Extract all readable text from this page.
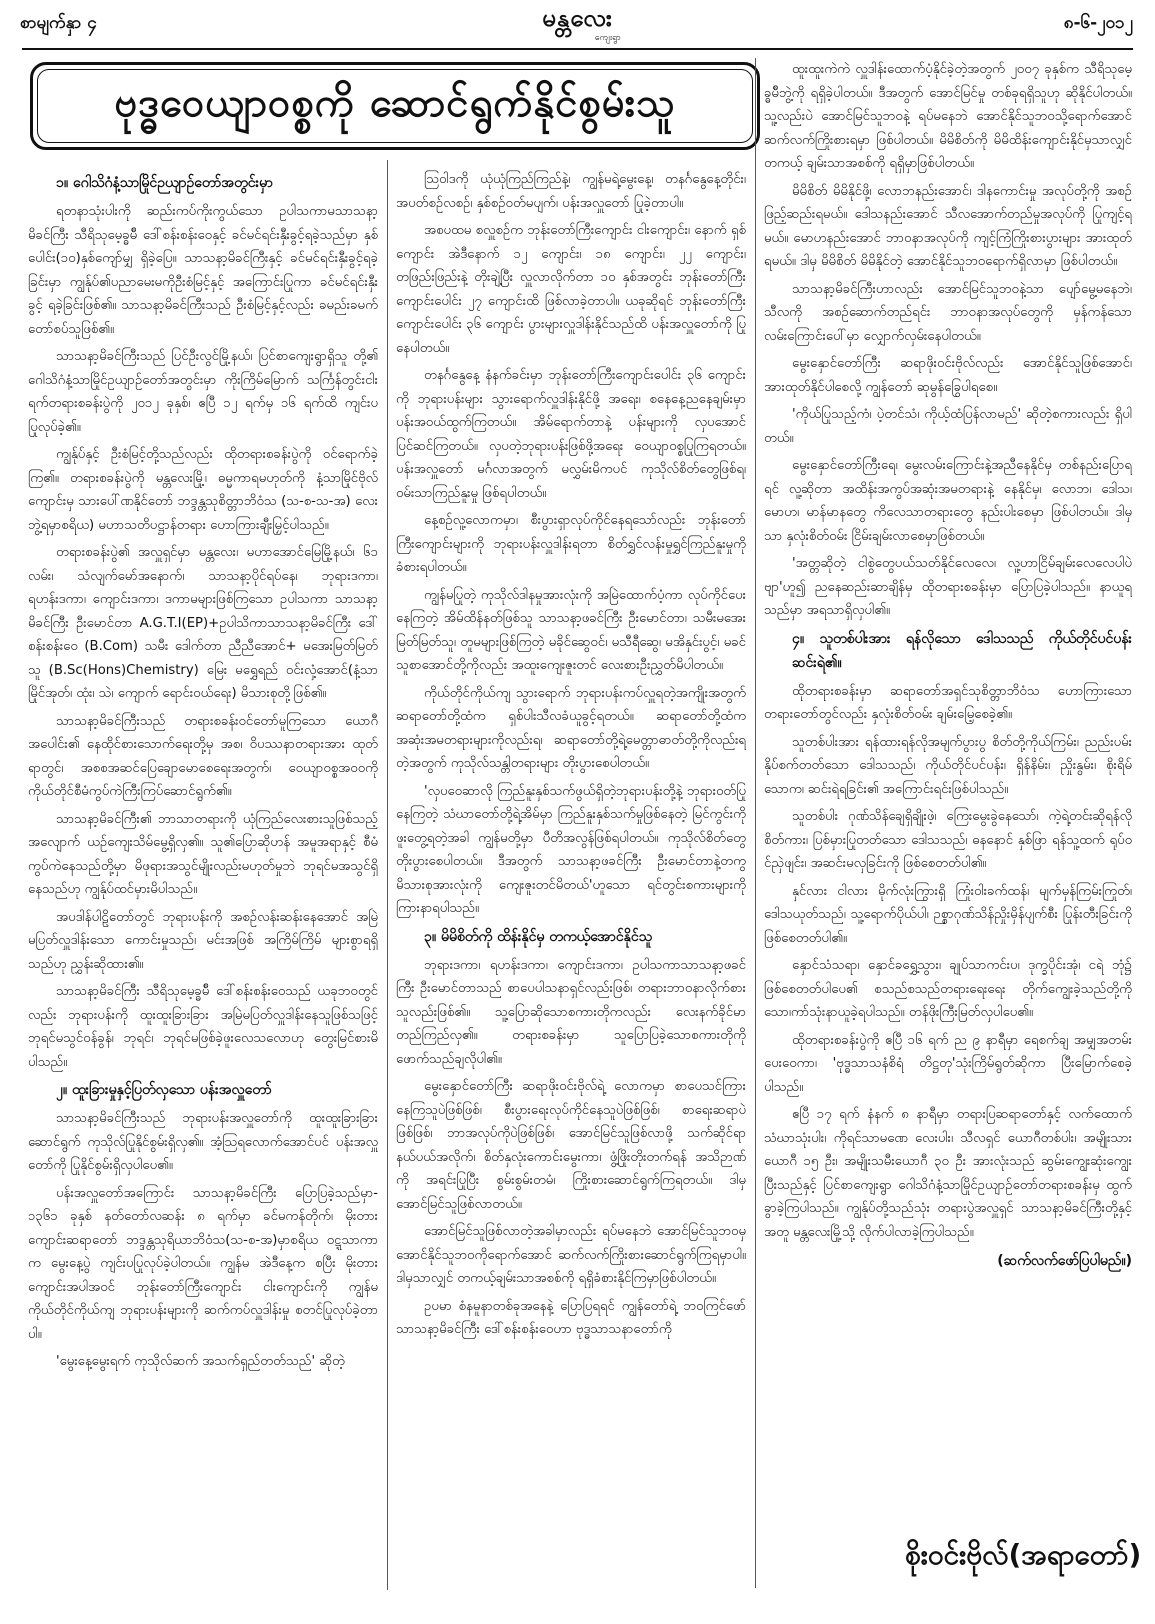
စာမျက်နှာ ၄	မန္တလေး
ကျေးရွာ
၈-၆-၂၀၁၂
ဗုဒ္ဓဝေယျာဝစ္စကို ဆောင်ရွက်နိုင်စွမ်းသူ
၁။ ဂေါသိဂံနံ့သာမြိုင်ဉယျာဉ်တော်အတွင်းမှာ

ရတနာသုံးပါးကို ဆည်းကပ်ကိုးကွယ်သော ဥပါသကာမသာသနာ့ မိခင်ကြီး သီရိသုမေ့ခ္ဓမ်ီ ဒေါ်စန်းစန်းဝေနှင့် ခင်မင်ရင်းနှီးခွင့်ရခဲ့သည်မှာ နှစ်ပေါင်း(၁၀)နှစ်ကျော်မျှ ရှိခဲ့ပြေ။ သာသနာ့မိခင်ကြီးနှင့် ခင်မင်ရင်းနှီးခွင့်ရခဲ့ခြင်းမှာ ကျွန်ုပ်၏ပညာမေးမကိုဦးစံမြင့်နှင့် အကြောင်းပြုကာ ခင်မင်ရင်းနှီးခွင့် ရခဲ့ခြင်းဖြစ်၏။ သာသနာ့မိခင်ကြီးသည် ဦးစံမြင့်နှင့်လည်း ခမည်းခမက်တော်စပ်သူဖြစ်၏။

သာသနာ့မိခင်ကြီးသည် ပြင်ဦးလွင်မြို့နယ်၊ ပြင်စာကျေးရွာရှိသူ တို့၏ ဂေါသိဂံနံ့သာမြိုင်ဥယျာဉ်တော်အတွင်းမှာ ကိုးကြိမ်မြောက် သင်္ကြန်တွင်းငါးရက်တရားစခန်းပွဲကို ၂၀၁၂ ခုနှစ်၊ ဧပြီ ၁၂ ရက်မှ ၁၆ ရက်ထိ ကျင်းပပြုလုပ်ခဲ့၏။

ကျွန်ုပ်နှင့် ဦးစံမြင့်တို့သည်လည်း ထိုတရားစခန်းပွဲကို ဝင်ရောက်ခဲ့ကြ၏။ တရားစခန်းပွဲကို မန္တလေးမြို့၊ ဓမ္မကာရမဟုတ်ကို နံ့သာမြိုင်ဗိုလ်ကျောင်းမှ သားပေါ်ဏနိုင်တော် ဘဒ္ဒန္တသုစိတ္တာဘိဝံသ (သ-စ-သ-အ) လေးဘွဲ့ရမှာစရိယ) မဟာသတိပဋ္ဌာန်တရား ဟောကြားချီးမြှင့်ပါသည်။

တရားစခန်းပွဲ၏ အလှူရှင်မှာ မန္တလေး၊ မဟာအောင်မြေမြို့နယ်၊ ၆၁ လမ်း၊ သံလျက်မော်အနောက်၊ သာသနာ့ပိုင်ရပ်နေ၊ ဘုရားဒကာ၊ ရဟန်းဒကာ၊ ကျောင်းဒကာ၊ ဒကာမများဖြစ်ကြသော ဥပါသကာ သာသနာ့မိခင်ကြီး ဦးမောင်တာ A.G.T.I(EP)+ဥပါသိကာသာသနာ့မိခင်ကြီး ဒေါ်စန်းစန်းဝေ (B.Com) သမီး ဒေါက်တာ ညီညီအောင်+ မအေးမြတ်မြတ်သူ (B.Sc(Hons)Chemistry) မြေး မရွှေရည် ဝင်းလှံ့အောင်(နံ့သာမြိုင်အုတ်၊ ထုံး၊ သဲ၊ ကျောက် ရောင်းဝယ်ရေး) မိသားစုတို့ဖြစ်၏။

သာသနာ့မိခင်ကြီးသည် တရားစခန်းဝင်တော်မူကြသော ယောဂီ အပေါင်း၏ နေထိုင်စားသောက်ရေးတို့မှ အစ၊ ဝိပဿနာတရားအား ထုတ်ရာတွင်၊ အစစအဆင်ပြေချောမောစေရေးအတွက်၊ ဝေယျာဝစ္စအဝဝကို ကိုယ်တိုင်စီမံကွပ်ကဲကြီးကြပ်ဆောင်ရွက်၏။

သာသနာ့မိခင်ကြီး၏ ဘာသာတရားကို ယုံကြည်လေးစားသူဖြစ်သည့်အလျောက် ယဉ်ကျေးသိမ်မွေ့ရှိလှ၏။ သူ၏ပြောဆိုဟန် အမူအရာနှင့် စီမံကွပ်ကဲနေသည်တို့မှာ မိဖုရားအသွင်မျိုးလည်းမဟုတ်မှုဘဲ ဘုရင်မအသွင်ရှိနေသည်ဟု ကျွန်ုပ်ထင်မှားမိပါသည်။

အပဒါန်ပါဠိတော်တွင် ဘုရားပန်းကို အစဉ်လန်းဆန်းနေအောင် အမြဲမပြတ်လှူဒါန်းသော ကောင်းမှုသည်၊ မင်းအဖြစ် အကြိမ်ကြိမ် များစွာရရှိသည်ဟု ညွှန်းဆိုထား၏။

သာသနာ့မိခင်ကြီး သီရိသုမေ့ခ္ဓမ်ီ ဒေါ်စန်းစန်းဝေသည် ယခုဘဝတွင်လည်း ဘုရားပန်းကို ထူးထူးခြားခြား အမြဲမပြတ်လှူဒါန်းနေသူဖြစ်သဖြင့် ဘုရင်မသွင်ဝန်ခွန်၊ ဘုရင်၊ ဘုရင်မဖြစ်ခဲ့ဖူးလေသလောဟု တွေးမြင်စားမိပါသည်။

၂။ ထူးခြားမှုနှင့်ပြတ်လှသော ပန်းအလှူတော်

သာသနာ့မိခင်ကြီးသည် ဘုရားပန်းအလှူတော်ကို ထူးထူးခြားခြား ဆောင်ရွက် ကုသိုလ်ပြုနိုင်စွမ်းရှိလှ၏။ အံ့ဩရလောက်အောင်ပင် ပန်းအလှူတော်ကို ပြုနိုင်စွမ်းရှိလှပါပေ၏။

ပန်းအလှူတော်အကြောင်း သာသနာ့မိခင်ကြီး ပြောပြခဲ့သည်မှာ- ၁၃၆၁ ခုနှစ် နတ်တော်လဆန်း ၈ ရက်မှာ ခင်မကန်တိုက်၊ မိုးတားကျောင်းဆရာတော် ဘဒ္ဒန္တသုရိယာဘိဝံသ(သ-စ-အ)မှာစရိယ ဝဋ္ဋသာကာက မွေးနေ့ပွဲ ကျင်းပပြုလုပ်ခဲ့ပါတယ်။ ကျွန်မ အဲဒီနေ့က စပြီး မိုးတားကျောင်းအပါအဝင် ဘုန်းတော်ကြီးကျောင်း ငါးကျောင်းကို ကျွန်မကိုယ်တိုင်ကိုယ်ကျ ဘုရားပန်းများကို ဆက်ကပ်လှူဒါန်းမှု စတင်ပြုလုပ်ခဲ့တာပါ။

'မွေးနေ့မွေးရက် ကုသိုလ်ဆက် အသက်ရှည်တတ်သည်' ဆိုတဲ့

သြဝါဒကို ယုံယုံကြည်ကြည်နဲ့၊ ကျွန်မရဲ့မွေးနေ့၊ တနင်္ဂနွေနေ့တိုင်း၊ အပတ်စဉ်လစဉ်၊ နှစ်စဉ်ဝတ်မပျက်၊ ပန်းအလှူတော် ပြုခဲ့တာပါ။

အစပထမ စလှူစဉ်က ဘုန်းတော်ကြီးကျောင်း ငါးကျောင်း၊ နောက် ရှစ်ကျောင်း အဲဒီနောက် ၁၂ ကျောင်း၊ ၁၈ ကျောင်း၊ ၂၂ ကျောင်း၊ တဖြည်းဖြည်းနဲ့ တိုးချဲ့ပြီး လှူလာလိုက်တာ ၁၀ နှစ်အတွင်း ဘုန်းတော်ကြီးကျောင်းပေါင်း ၂၇ ကျောင်းထိ ဖြစ်လာခဲ့တာပါ။ ယခုဆိုရင် ဘုန်းတော်ကြီးကျောင်းပေါင်း ၃၆ ကျောင်း ပွားများလှူဒါန်းနိုင်သည်ထိ ပန်းအလှူတော်ကို ပြုနေပါတယ်။

တနင်္ဂနွေနေ့ နံနက်ခင်းမှာ ဘုန်းတော်ကြီးကျောင်းပေါင်း ၃၆ ကျောင်းကို ဘုရားပန်းများ သွားရောက်လှူဒါန်းနိုင်ဖို့ အရေး၊ စနေနေ့ညနေချမ်းမှာ ပန်းအဝယ်ထွက်ကြတယ်။ အိမ်ရောက်တာနဲ့ ပန်းများကို လှပအောင် ပြင်ဆင်ကြတယ်။ လှပတဲ့ဘုရားပန်းဖြစ်ဖို့အရေး ဝေယျာဝစ္စပြုကြရတယ်။ ပန်းအလှူတော် မင်္ဂလာအတွက် မလွှမ်းမိကပင် ကုသိုလ်စိတ်တွေဖြစ်ရ၊ ဝမ်းသာကြည်နူးမှု ဖြစ်ရပါတယ်။

နေ့စဉ်လူ့လောကမှာ၊ စီးပွားရှာလုပ်ကိုင်နေရသော်လည်း ဘုန်းတော်ကြီးကျောင်းများကို ဘုရားပန်းလှူဒါန်းရတာ စိတ်ရွှင်လန်းမှုရွှင်ကြည်နူးမှုကို ခံစားရပါတယ်။

ကျွန်မပြုတဲ့ ကုသိုလ်ဒါနမှုအားလုံးကို အမြဲထောက်ပံ့ကာ လုပ်ကိုင်ပေးနေကြတဲ့ အိမ်ထိန်နတ်ဖြစ်သူ သာသနာ့ဖခင်ကြီး ဦးမောင်တာ၊ သမီးမအေးမြတ်မြတ်သူ၊ တူမများဖြစ်ကြတဲ့ မခိုင်ဆွေဝင်၊ မသီရီဆွေ၊ မအိနှင်းပွင့်၊ မခင်သူစာအောင်တို့ကိုလည်း အထူးကျေးဇူးတင် လေးစားဦးညွှတ်မိပါတယ်။

ကိုယ်တိုင်ကိုယ်ကျ သွားရောက် ဘုရားပန်းကပ်လှူရတဲ့အကျိုးအတွက် ဆရာတော်တို့ထံက ရှစ်ပါးသီလခံယူခွင့်ရတယ်။ ဆရာတော်တို့ထံက အဆုံးအမတရားများကိုလည်းရ၊ ဆရာတော်တို့ရဲ့မေတ္တာဓာတ်တို့ကိုလည်းရတဲ့အတွက် ကုသိုလ်သန္တါတရားများ တိုးပွားစေပါတယ်။

'လှပဝေဆာလို ကြည်နူးနှစ်သက်ဖွယ်ရှိတဲ့ဘုရားပန်းတို့နဲ့ ဘုရားဝတ်ပြုနေကြတဲ့ သံဃာတော်တို့ရဲ့အိမ်မှာ ကြည်နူးနှစ်သက်မှုဖြစ်နေတဲ့ မြင်ကွင်းကို ဖူးတွေ့ရတဲ့အခါ ကျွန်မတို့မှာ ပီတိအလွန်ဖြစ်ရပါတယ်။ ကုသိုလ်စိတ်တွေ တိုးပွားစေပါတယ်။ ဒီအတွက် သာသနာ့ဖခင်ကြီး ဦးမောင်တာနဲ့တကွ မိသားစုအားလုံးကို ကျေးဇူးတင်မိတယ်'ဟူသော ရင်တွင်းစကားများကို ကြားနာရပါသည်။

၃။ မိမိစိတ်ကို ထိန်းနိုင်မှ တကယ့်အောင်နိုင်သူ

ဘုရားဒကာ၊ ရဟန်းဒကာ၊ ကျောင်းဒကာ၊ ဥပါသကာသာသနာ့ဖခင်ကြီး ဦးမောင်တာသည် စာပေပါသနာရှင်လည်းဖြစ်၊ တရားဘာဝနာလိုက်စားသူလည်းဖြစ်၏။ သူ့ပြောဆိုသောစကားတိုကလည်း လေးနက်ခိုင်မာတည်ကြည်လှ၏။ တရားစခန်းမှာ သူပြောပြခဲ့သောစကားတိုကို ဖောက်သည်ချလိုပါ၏။

မွေးနှောင်တော်ကြီး ဆရာဖိုးဝင်းဗိုလ်ရဲ့ လောကမှာ စာပေသင်ကြား နေကြသူပဲဖြစ်ဖြစ်၊ စီးပွားရေးလုပ်ကိုင်နေသူပဲဖြစ်ဖြစ်၊ စာရေးဆရာပဲဖြစ်ဖြစ်၊ ဘာအလုပ်ကိုပဲဖြစ်ဖြစ်၊ အောင်မြင်သူဖြစ်လာဖို့ သက်ဆိုင်ရာ နယ်ပယ်အလိုက်၊ စိတ်နှလုံးကောင်းမွေးကာ၊ ဖွံ့ဖြိုးတိုးတက်ရန် အသိဉာဏ်ကို အရင်းပြုပြီး စွမ်းစွမ်းတမံ၊ ကြိုးစားဆောင်ရွက်ကြရတယ်။ ဒါမှ အောင်မြင်သူဖြစ်လာတယ်။

အောင်မြင်သူဖြစ်လာတဲ့အခါမှာလည်း ရပ်မနေဘဲ အောင်မြင်သူဘဝမှ အောင်နိုင်သူဘဝကိုရောက်အောင် ဆက်လက်ကြိုးစားဆောင်ရွက်ကြရမှာပါ။ ဒါမှသာလျှင် တကယ့်ချမ်းသာအစစ်ကို ရရှိခံစားနိုင်ကြမှာဖြစ်ပါတယ်။

ဥပမာ စံနမူနာတစ်ခုအနေနဲ့ ပြောပြရရင် ကျွန်တော်ရဲ့ ဘဝကြင်ဖော် သာသနာ့မိခင်ကြီး ဒေါ်စန်းစန်းဝေဟာ ဗုဒ္ဓသာသနာတော်ကို

ထူးထူးကဲကဲ လှူဒါန်းထောက်ပံ့နိုင်ခဲ့တဲ့အတွက် ၂၀၀၇ ခုနှစ်က သီရိသုမေ့ခ္ဓမ်ီဘွဲ့ကို ရရှိခဲ့ပါတယ်။ ဒီအတွက် အောင်မြင်မှု တစ်ခုရရှိသူဟု ဆိုနိုင်ပါတယ်။ သူ့လည်းပဲ အောင်မြင်သူဘဝနဲ့ ရပ်မနေဘဲ အောင်နိုင်သူဘဝသို့ရောက်အောင် ဆက်လက်ကြိုးစားရမှာ ဖြစ်ပါတယ်။ မိမိစိတ်ကို မိမိထိန်းကျောင်းနိုင်မှသာလျှင် တကယ့် ချမ်းသာအစစ်ကို ရရှိမှာဖြစ်ပါတယ်။

မိမိစိတ် မိမိနိုင်ဖို့၊ လောဘနည်းအောင်၊ ဒါနကောင်းမှု အလုပ်တို့ကို အစဉ်ဖြည့်ဆည်းရမယ်။ ဒေါသနည်းအောင် သီလအောက်တည်မှုအလုပ်ကို ပြုကျင့်ရမယ်။ မောဟနည်းအောင် ဘာဝနာအလုပ်ကို ကျင့်ကြံကြိုးစားပွားများ အားထုတ်ရမယ်။ ဒါမှ မိမိစိတ် မိမိနိုင်တဲ့ အောင်နိုင်သူဘဝရောက်ရှိလာမှာ ဖြစ်ပါတယ်။

သာသနာ့မိခင်ကြီးဟာလည်း အောင်မြင်သူဘဝနဲ့သာ ပျော်မွေ့မနေဘဲ၊ သီလကို အစဉ်ဆောက်တည်ရင်း ဘာဝနာအလုပ်တွေကို မှန်ကန်သောလမ်းကြောင်းပေါ်မှာ လျှောက်လှမ်းနေပါတယ်။

မွေးနှောင်တော်ကြီး ဆရာဖိုးဝင်းဗိုလ်လည်း အောင်နိုင်သူဖြစ်အောင်၊ အားထုတ်နိုင်ပါစေလို့ ကျွန်တော် ဆုမွန်ခြွေပါရစေ။

'ကိုယ်ပြုသည့်ကံ၊ ပဲ့တင်သံ၊ ကိုယ့်ထံပြန်လာမည်' ဆိုတဲ့စကားလည်း ရှိပါတယ်။

မွေးနှောင်တော်ကြီးရေ၊ မွေးလမ်းကြောင်းနဲ့အညီနေနိုင်မှ တစ်နည်းပြောရရင် လူ့ဆိုတာ အထိန်းအကွပ်အဆုံးအမတရားနဲ့ နေနိုင်မှ၊ လောဘ၊ ဒေါသ၊ မောဟ၊ မာန်မာနတွေ ကိလေသာတရားတွေ နည်းပါးစေမှာ ဖြစ်ပါတယ်။ ဒါမှသာ နှလုံးစိတ်ဝမ်း ငြိမ်းချမ်းလာစေမှာဖြစ်တယ်။

'အတ္တဆိုတဲ့ ငါစွဲတွေပယ်သတ်နိုင်လေလေ၊ လူ့ဟာငြိမ်ချမ်းလေလေပါပဲဗျာ'ဟူ၍ ညနေဆည်းဆာချိန်မှ ထိုတရားစခန်းမှာ ပြောပြခဲ့ပါသည်။ နာယူရသည်မှာ အရသာရှိလှပါ၏။

၄။ သူတစ်ပါးအား ရန်လိုသော ဒေါသသည် ကိုယ်တိုင်ပင်ပန်းဆင်းရဲ၏။

ထိုတရားစခန်းမှာ ဆရာတော်အရှင်သုစိတ္တာဘိဝံသ ဟောကြားသော တရားတော်တွင်လည်း နှလုံးစိတ်ဝမ်း ချမ်းမြေ့စေခဲ့၏။

သူတစ်ပါးအား ရန်ထားရန်လိုအမျက်ပွားပွ စိတ်တို့ကိုယ်ကြမ်း၊ ညည်းပမ်းနိုပ်စက်တတ်သော ဒေါသသည်၊ ကိုယ်တိုင်ပင်ပန်း၊ ရှိန်နိမ်း၊ ညှိုးနွမ်း၊ စိုးရိမ်သောက၊ ဆင်းရဲရခြင်း၏ အကြောင်းရင်းဖြစ်ပါသည်။

သူတစ်ပါး ဂုဏ်သိန်ချေရှိချိုးဖဲ့၊ ကြေးမွေးခွဲနေသော်၊ ကဲ့ရဲ့တင်းဆိုရန်လိုစိတ်ကား၊ ပြစ်မှားပြုတတ်သော ဒေါသသည်၊ ဓနနောင် နှစ်ဖြာ ရန်သူ့ထက် ရုပ်ဝင်ညှဲဖျင်း၊ အဆင်းမလှခြင်းကို ဖြစ်စေတတ်ပါ၏။

နှင်လား ငါလား မိုက်လုံးကြွားရှိ ကြုံးဝါးခက်ထန်၊ မျက်မှန်ကြမ်းကြုတ်၊ ဒေါသယုတ်သည်၊ သူ့ရောက်ပိုယ်ပါ၊ ဉစ္စာဂုဏ်သိန်ညှိုးမှိန်ပျက်စီး ပြုန်းတီးခြင်းကို ဖြစ်စေတတ်ပါ၏။

နှောင်သံသရာ၊ နှောင်ခရွှေ့သွား၊ ချုပ်သာကင်းပ၊ ဒုက္ခပိုင်းအုံ၊ ငရဲ ဘုံ၌ ဖြစ်စေတတ်ပါပေ၏ စသည်စသည်တရားရေးရေး တိုက်ကျွေးခဲ့သည်တို့ကို သော၊ကာ်သုံးနာယူခဲ့ရပါသည်။ တန်ဖိုးကြီးမြတ်လှပါပေ၏။

ထိုတရားစခန်းပွဲကို ဧပြီ ၁၆ ရက် ည ၉ နာရီမှာ ရေစက်ချ အမျှအတမ်းပေးဝေကာ၊ 'ဗုဒ္ဓသာသနံစိရံ တိဋ္ဌတု'သုံးကြိမ်ရွတ်ဆိုကာ ပြီးမြောက်စေခဲ့ပါသည်။

ဧပြီ ၁၇ ရက် နံနက် ၈ နာရီမှာ တရားပြဆရာတော်နှင့် လက်ထောက်သံဃာသုံးပါး၊ ကိုရင်သာမဏေ လေးပါး၊ သီလရှင် ယောဂီတစ်ပါး၊ အမျိုးသားယောဂီ ၁၅ ဦး၊ အမျိုးသမီးယောဂီ ၃၀ ဦး အားလုံးသည် ဆွမ်းကျွေးဆုံးကျွေးပြီးသည်နှင့် ပြင်စာကျေးရွာ ဂေါသိဂံနံ့သာမြိုင်ဥယျာဉ်တော်တရားစခန်းမှ ထွက်ခွာခဲ့ကြပါသည်။ ကျွန်ုပ်တို့သည်သုံး တရားပွဲအလှူရှင် သာသနာ့မိခင်ကြီးတို့နှင့်အတူ မန္တလေးမြို့သို့ လိုက်ပါလာခဲ့ကြပါသည်။

(ဆက်လက်ဖော်ပြပါမည်။)
စိုးဝင်းဗိုလ်(အရာတော်)
